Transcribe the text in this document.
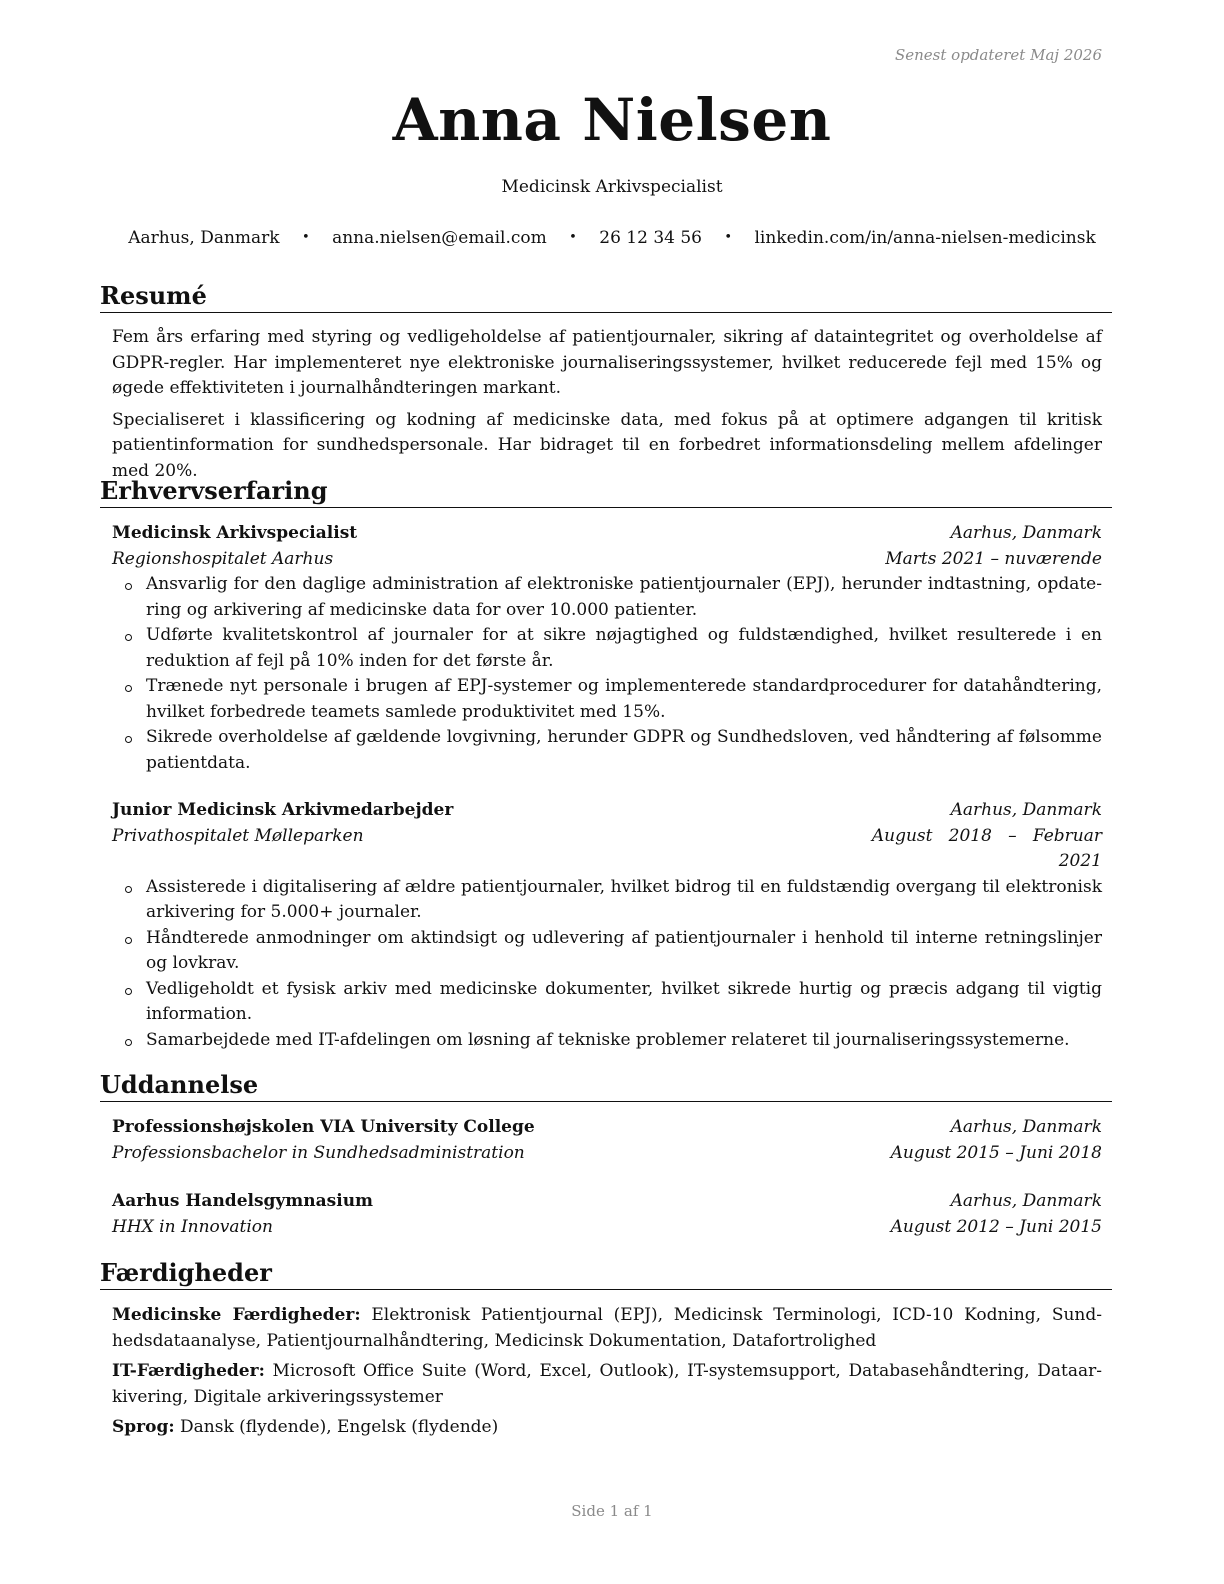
Senest opdateret Maj 2026
Anna Nielsen
Medicinsk Arkivspecialist
Aarhus, Danmark • anna.nielsen@email.com • 26 12 34 56 • linkedin.com/in/anna-nielsen-medicinsk
Resumé

Fem års erfaring med styring og vedligeholdelse af patientjournaler, sikring af dataintegritet og overholdelse af GDPR-regler. Har implementeret nye elektroniske journaliseringssystemer, hvilket reducerede fejl med 15% og øgede effektiviteten i journalhåndteringen markant.

Specialiseret i klassificering og kodning af medicinske data, med fokus på at optimere adgangen til kritisk patientinformation for sundhedspersonale. Har bidraget til en forbedret informationsdeling mellem afdelinger med 20%.

Erhvervserfaring
Medicinsk Arkivspecialist	Aarhus, Danmark
Regionshospitalet Aarhus	Marts 2021 – nuværende
Ansvarlig for den daglige administration af elektroniske patientjournaler (EPJ), herunder indtastning, opdatering og arkivering af medicinske data for over 10.000 patienter.
Udførte kvalitetskontrol af journaler for at sikre nøjagtighed og fuldstændighed, hvilket resulterede i en reduktion af fejl på 10% inden for det første år.
Trænede nyt personale i brugen af EPJ-systemer og implementerede standardprocedurer for datahåndtering, hvilket forbedrede teamets samlede produktivitet med 15%.
Sikrede overholdelse af gældende lovgivning, herunder GDPR og Sundhedsloven, ved håndtering af følsomme patientdata.
Junior Medicinsk Arkivmedarbejder	Aarhus, Danmark
Privathospitalet Mølleparken	August   2018   –   Februar
2021
Assisterede i digitalisering af ældre patientjournaler, hvilket bidrog til en fuldstændig overgang til elektronisk arkivering for 5.000+ journaler.
Håndterede anmodninger om aktindsigt og udlevering af patientjournaler i henhold til interne retningslinjer og lovkrav.
Vedligeholdt et fysisk arkiv med medicinske dokumenter, hvilket sikrede hurtig og præcis adgang til vigtig information.
Samarbejdede med IT-afdelingen om løsning af tekniske problemer relateret til journaliseringssystemerne.
Uddannelse
Professionshøjskolen VIA University College	Aarhus, Danmark
Professionsbachelor in Sundhedsadministration	August 2015 – Juni 2018
Aarhus Handelsgymnasium	Aarhus, Danmark
HHX in Innovation	August 2012 – Juni 2015
Færdigheder
Medicinske Færdigheder: Elektronisk Patientjournal (EPJ), Medicinsk Terminologi, ICD-10 Kodning, Sundhedsdataanalyse, Patientjournalhåndtering, Medicinsk Dokumentation, Datafortrolighed
IT-Færdigheder: Microsoft Office Suite (Word, Excel, Outlook), IT-systemsupport, Databasehåndtering, Dataarkivering, Digitale arkiveringssystemer
Sprog: Dansk (flydende), Engelsk (flydende)
Side 1 af 1
